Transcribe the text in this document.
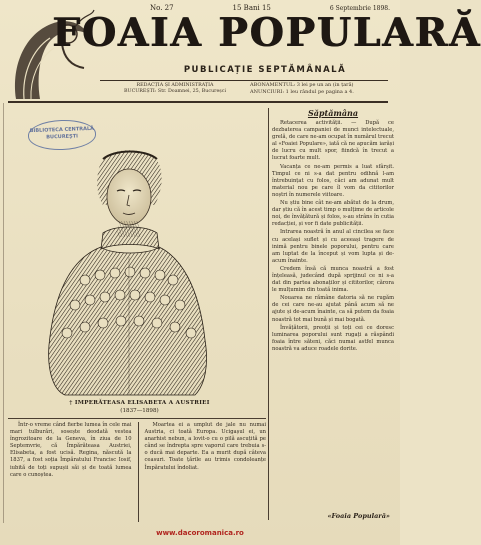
No. 27	15 Bani 15	6 Septembrie 1898.
FOAIA POPULARĂ
PUBLICAȚIE SEPTĂMÂNALĂ
REDACȚIA ȘI ADMINISTRAȚIA
BUCUREȘTI: Str. Doamnei, 25, Bucureșci
ABONAMENTUL: 3 lei pe un an (in țară)
ANUNCIURI: 1 leu rândul pe pagina a 4.
BIBLIOTECA CENTRALĂ
BUCUREȘTI
† IMPERĂTEASA ELISABETA A AUSTRIEI
(1837—1898)
Săptămâna

Retacerea activității. — După ce dezbaterea campaniei de munci intelectuale, grelă, de care ne-am ocupat în numărul trecut al «Foaiei Populare», iată că ne apucăm iarăși de lucru cu mult spor, fiindcă în trecut a lucrat foarte mult.

Vacanța ce ne-am permis a luat sfârșit. Timpul ce ni s-a dat pentru odihnă l-am întrebuințat cu folos, căci am adunat mult material nou pe care îl vom da cititorilor noștri în numerele viitoare.

Nu știu bine cât ne-am abătut de la drum, dar știu că în acest timp o mulțime de articole noi, de învățătură și folos, s-au strâns în cutia redacției, și vor fi date publicității.

Intrarea noastră în anul al cincilea se face cu același suflet și cu aceeași tragere de inimă pentru binele poporului, pentru care am luptat de la început și vom lupta și de-acum înainte.

Credem însă că munca noastră a fost înțeleasă, judecând după sprijinul ce ni s-a dat din partea abonaților și cititorilor, cărora le mulțumim din toată inima.

Nouarea ne rămâne datoria să ne rugăm de cei care ne-au ajutat până acum să ne ajute și de-acum înainte, ca să putem da foaia noastră tot mai bună și mai bogată.

Învățătorii, preoții și toți cei ce doresc luminarea poporului sunt rugați a răspândi foaia între săteni, căci numai astfel munca noastră va aduce roadele dorite.

«Foaia Populară»

Într-o vreme când fierbe lumea în cele mai mari tulburări, sosește deodată vestea îngrozitoare de la Geneva, în ziua de 10 Septemvrie, că Împărăteasa Austriei, Elisabeta, a fost ucisă. Regina, născută la 1837, a fost soția Împăratului Francisc Iosif, iubită de toți supușii săi și de toată lumea care o cunoștea.

Moartea ei a umplut de jale nu numai Austria, ci toată Europa. Ucigașul ei, un anarhist nebun, a lovit-o cu o pilă ascuțită pe când se îndrepta spre vaporul care trebuia s-o ducă mai departe. Ea a murit după câteva ceasuri. Toate țările au trimis condoleanțe Împăratului îndoliat.

www.dacoromanica.ro
